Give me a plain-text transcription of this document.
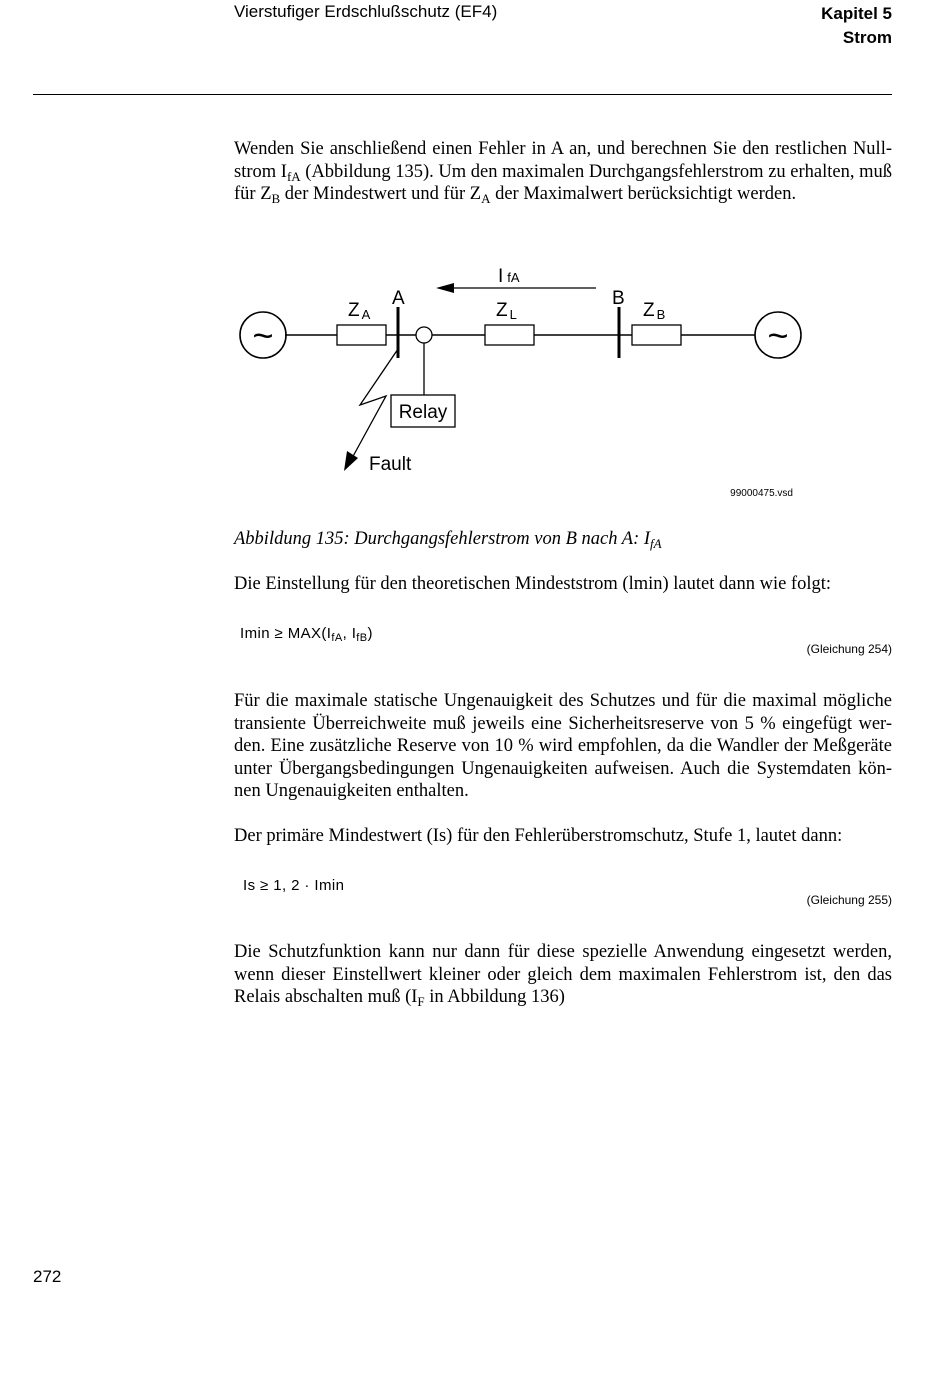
Vierstufiger Erdschlußschutz (EF4)	Kapitel 5
Strom
Wenden Sie anschließend einen Fehler in A an, und berechnen Sie den restlichen Null-strom $I_{fA}$ (Abbildung 135). Um den maximalen Durchgangsfehlerstrom zu erhalten, muß für $Z_B$ der Mindestwert und für $Z_A$ der Maximalwert berücksichtigt werden.
~	~
Z A	Z L	Z B
A	B
Relay
I fA
Fault
99000475.vsd
Abbildung 135: Durchgangsfehlerstrom von B nach A: $I_{fA}$
Die Einstellung für den theoretischen Mindeststrom (lmin) lautet dann wie folgt:
$Imin \ge MAX(I_{fA}$, $I_{fB}$)
(Gleichung 254)
Für die maximale statische Ungenauigkeit des Schutzes und für die maximal mögliche transiente Überreichweite muß jeweils eine Sicherheitsreserve von 5 % eingefügt wer-den. Eine zusätzliche Reserve von 10 % wird empfohlen, da die Wandler der Meßgeräte unter Übergangsbedingungen Ungenauigkeiten aufweisen. Auch die Systemdaten kön-nen Ungenauigkeiten enthalten.
Der primäre Mindestwert (Is) für den Fehlerüberstromschutz, Stufe 1, lautet dann:
Is ≥ 1, 2 · Imin
(Gleichung 255)
Die Schutzfunktion kann nur dann für diese spezielle Anwendung eingesetzt werden, wenn dieser Einstellwert kleiner oder gleich dem maximalen Fehlerstrom ist, den das Relais abschalten muß ($I_F$ in Abbildung 136)
272
